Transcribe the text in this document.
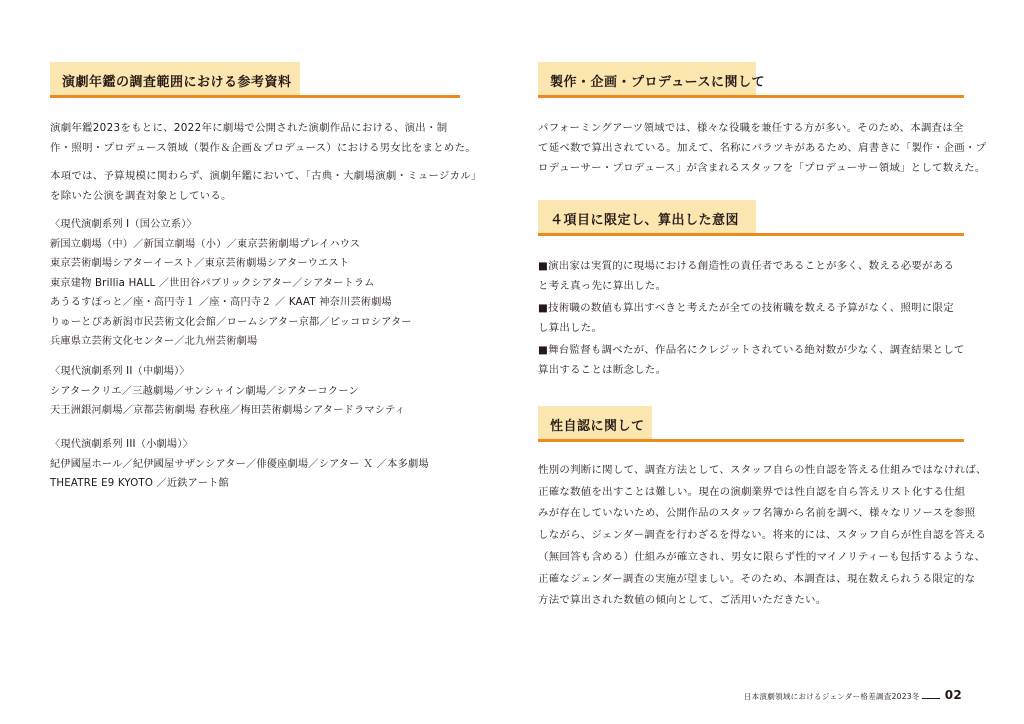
演劇年鑑の調査範囲における参考資料
演劇年鑑2023をもとに、2022年に劇場で公開された演劇作品における、演出・制
作・照明・プロデュース領域（製作＆企画＆プロデュース）における男女比をまとめた。
本項では、予算規模に関わらず、演劇年鑑において、「古典・大劇場演劇・ミュージカル」
を除いた公演を調査対象としている。
〈現代演劇系列 I（国公立系）〉
新国立劇場（中）／新国立劇場（小）／東京芸術劇場プレイハウス
東京芸術劇場シアターイースト／東京芸術劇場シアターウエスト
東京建物 Brillia HALL ／世田谷パブリックシアター／シアタートラム
あうるすぽっと／座・高円寺１ ／座・高円寺２ ／ KAAT 神奈川芸術劇場
りゅーとぴあ新潟市民芸術文化会館／ロームシアター京都／ピッコロシアター
兵庫県立芸術文化センター／北九州芸術劇場
〈現代演劇系列 II（中劇場）〉
シアタークリエ／三越劇場／サンシャイン劇場／シアターコクーン
天王洲銀河劇場／京都芸術劇場 春秋座／梅田芸術劇場シアタードラマシティ
〈現代演劇系列 III（小劇場）〉
紀伊國屋ホール／紀伊國屋サザンシアター／俳優座劇場／シアター Ｘ ／本多劇場
THEATRE E9 KYOTO ／近鉄アート館
製作・企画・プロデュースに関して
パフォーミングアーツ領域では、様々な役職を兼任する方が多い。そのため、本調査は全
て延べ数で算出されている。加えて、名称にバラツキがあるため、肩書きに「製作・企画・プ
ロデューサー・プロデュース」が含まれるスタッフを「プロデューサー領域」として数えた。
４項目に限定し、算出した意図
■演出家は実質的に現場における創造性の責任者であることが多く、数える必要がある
と考え真っ先に算出した。
■技術職の数値も算出すべきと考えたが全ての技術職を数える予算がなく、照明に限定
し算出した。
■舞台監督も調べたが、作品名にクレジットされている絶対数が少なく、調査結果として
算出することは断念した。
性自認に関して
性別の判断に関して、調査方法として、スタッフ自らの性自認を答える仕組みではなければ、
正確な数値を出すことは難しい。現在の演劇業界では性自認を自ら答えリスト化する仕組
みが存在していないため、公開作品のスタッフ名簿から名前を調べ、様々なリソースを参照
しながら、ジェンダー調査を行わざるを得ない。将来的には、スタッフ自らが性自認を答える
（無回答も含める）仕組みが確立され、男女に限らず性的マイノリティーも包括するような、
正確なジェンダー調査の実施が望ましい。そのため、本調査は、現在数えられうる限定的な
方法で算出された数値の傾向として、ご活用いただきたい。
日本演劇領域におけるジェンダー格差調査2023冬 02
